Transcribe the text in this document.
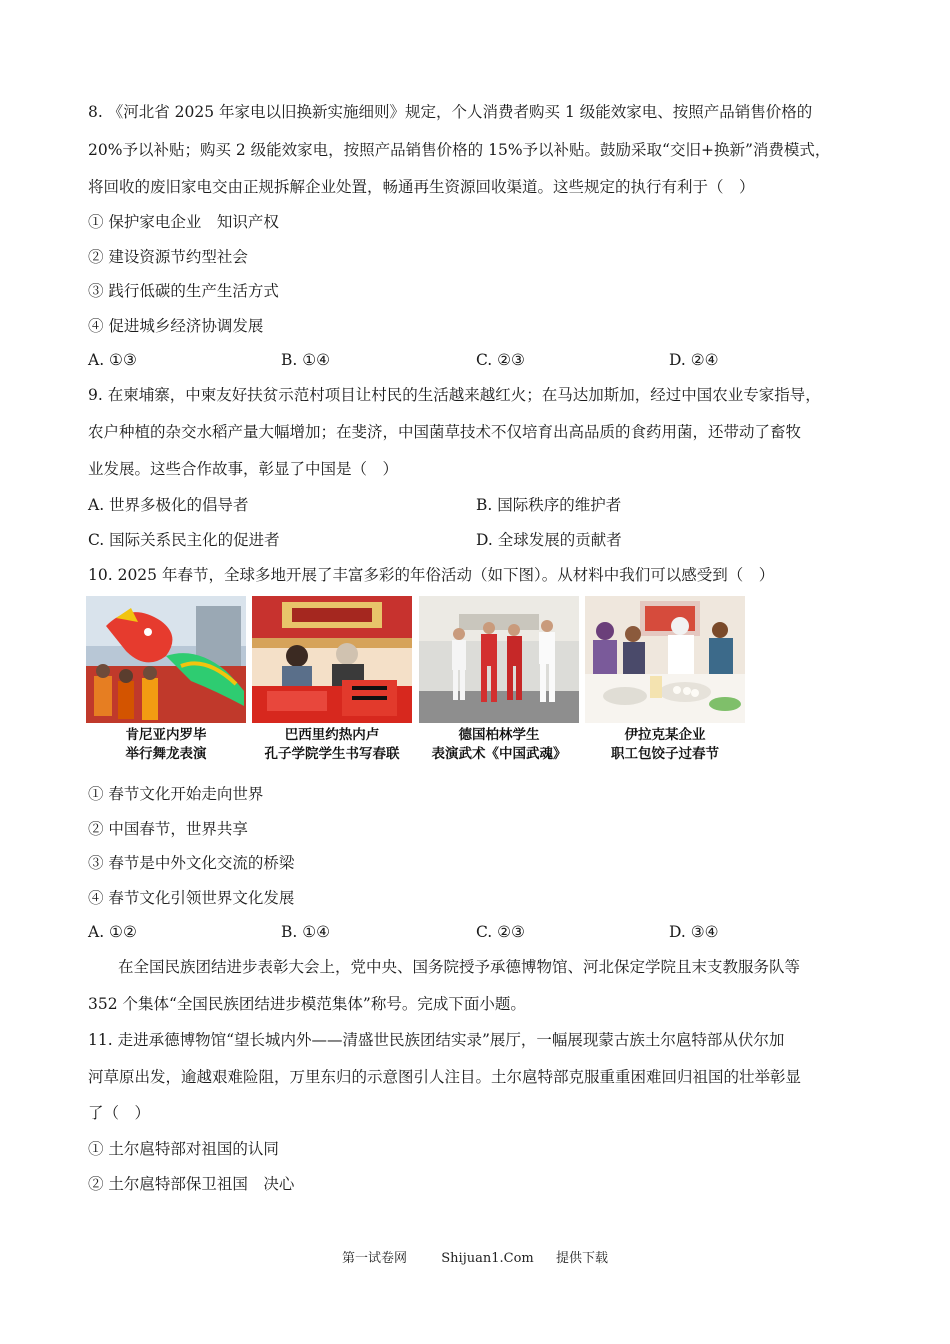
8. 《河北省 2025 年家电以旧换新实施细则》规定，个人消费者购买 1 级能效家电、按照产品销售价格的
20%予以补贴；购买 2 级能效家电，按照产品销售价格的 15%予以补贴。鼓励采取“交旧+换新”消费模式，
将回收的废旧家电交由正规拆解企业处置，畅通再生资源回收渠道。这些规定的执行有利于（　）
① 保护家电企业　知识产权
② 建设资源节约型社会
③ 践行低碳的生产生活方式
④ 促进城乡经济协调发展
A. ①③	B. ①④	C. ②③	D. ②④
9. 在柬埔寨，中柬友好扶贫示范村项目让村民的生活越来越红火；在马达加斯加，经过中国农业专家指导，
农户种植的杂交水稻产量大幅增加；在斐济，中国菌草技术不仅培育出高品质的食药用菌，还带动了畜牧
业发展。这些合作故事，彰显了中国是（　）
A. 世界多极化的倡导者	B. 国际秩序的维护者
C. 国际关系民主化的促进者	D. 全球发展的贡献者
10. 2025 年春节，全球多地开展了丰富多彩的年俗活动（如下图）。从材料中我们可以感受到（　）
肯尼亚内罗毕
举行舞龙表演
巴西里约热内卢
孔子学院学生书写春联
德国柏林学生
表演武术《中国武魂》
伊拉克某企业
职工包饺子过春节
① 春节文化开始走向世界
② 中国春节，世界共享
③ 春节是中外文化交流的桥梁
④ 春节文化引领世界文化发展
A. ①②	B. ①④	C. ②③	D. ③④
在全国民族团结进步表彰大会上，党中央、国务院授予承德博物馆、河北保定学院且末支教服务队等
352 个集体“全国民族团结进步模范集体”称号。完成下面小题。
11. 走进承德博物馆“望长城内外——清盛世民族团结实录”展厅，一幅展现蒙古族土尔扈特部从伏尔加
河草原出发，逾越艰难险阻，万里东归的示意图引人注目。土尔扈特部克服重重困难回归祖国的壮举彰显
了（　）
① 土尔扈特部对祖国的认同
② 土尔扈特部保卫祖国　决心
第一试卷网	Shijuan1.Com 提供下载
